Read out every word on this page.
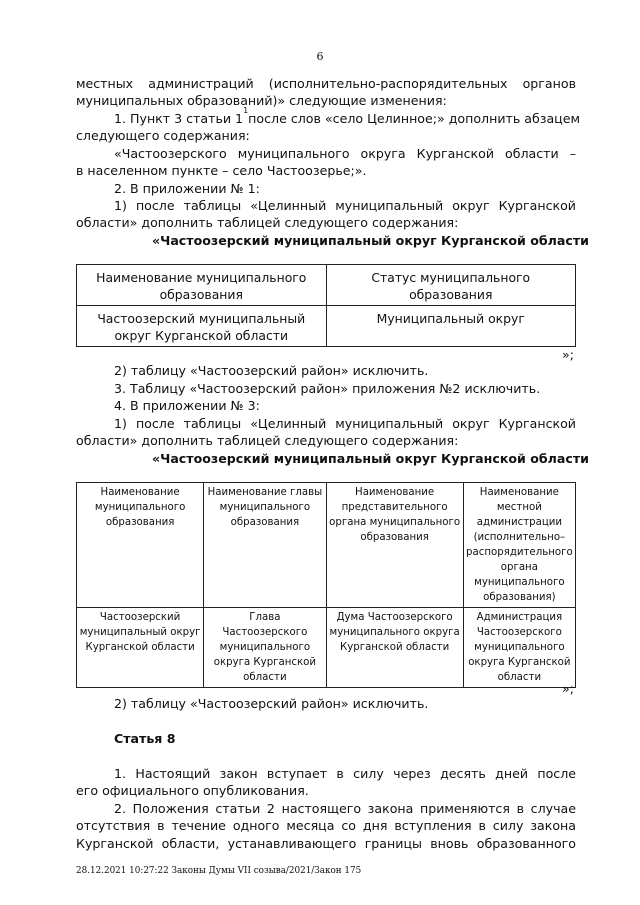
6
местных администраций (исполнительно-распорядительных органов
муниципальных образований)» следующие изменения:
1. Пункт 3 статьи 1
1
после слов «село Целинное;» дополнить абзацем
следующего содержания:
«Частоозерского муниципального округа Курганской области –
в населенном пункте – село Частоозерье;».
2. В приложении № 1:
1) после таблицы «Целинный муниципальный округ Курганской
области» дополнить таблицей следующего содержания:
«Частоозерский муниципальный округ Курганской области
Наименование муниципального образования	Статус муниципального образования
Частоозерский муниципальный округ Курганской области	Муниципальный округ
»;
2) таблицу «Частоозерский район» исключить.
3. Таблицу «Частоозерский район» приложения №2 исключить.
4. В приложении № 3:
1) после таблицы «Целинный муниципальный округ Курганской
области» дополнить таблицей следующего содержания:
«Частоозерский муниципальный округ Курганской области
Наименование муниципального образования	Наименование главы муниципального образования	Наименование представительного органа муниципального образования	Наименование местной администрации (исполнительно–распорядительного органа муниципального образования)
Частоозерский муниципальный округ Курганской области	Глава Частоозерского муниципального округа Курганской области	Дума Частоозерского муниципального округа Курганской области	Администрация Частоозерского муниципального округа Курганской области
»;
2) таблицу «Частоозерский район» исключить.
Статья 8
1. Настоящий закон вступает в силу через десять дней после
его официального опубликования.
2. Положения статьи 2 настоящего закона применяются в случае
отсутствия в течение одного месяца со дня вступления в силу закона
Курганской области, устанавливающего границы вновь образованного
28.12.2021 10:27:22 Законы Думы VII созыва/2021/Закон 175
